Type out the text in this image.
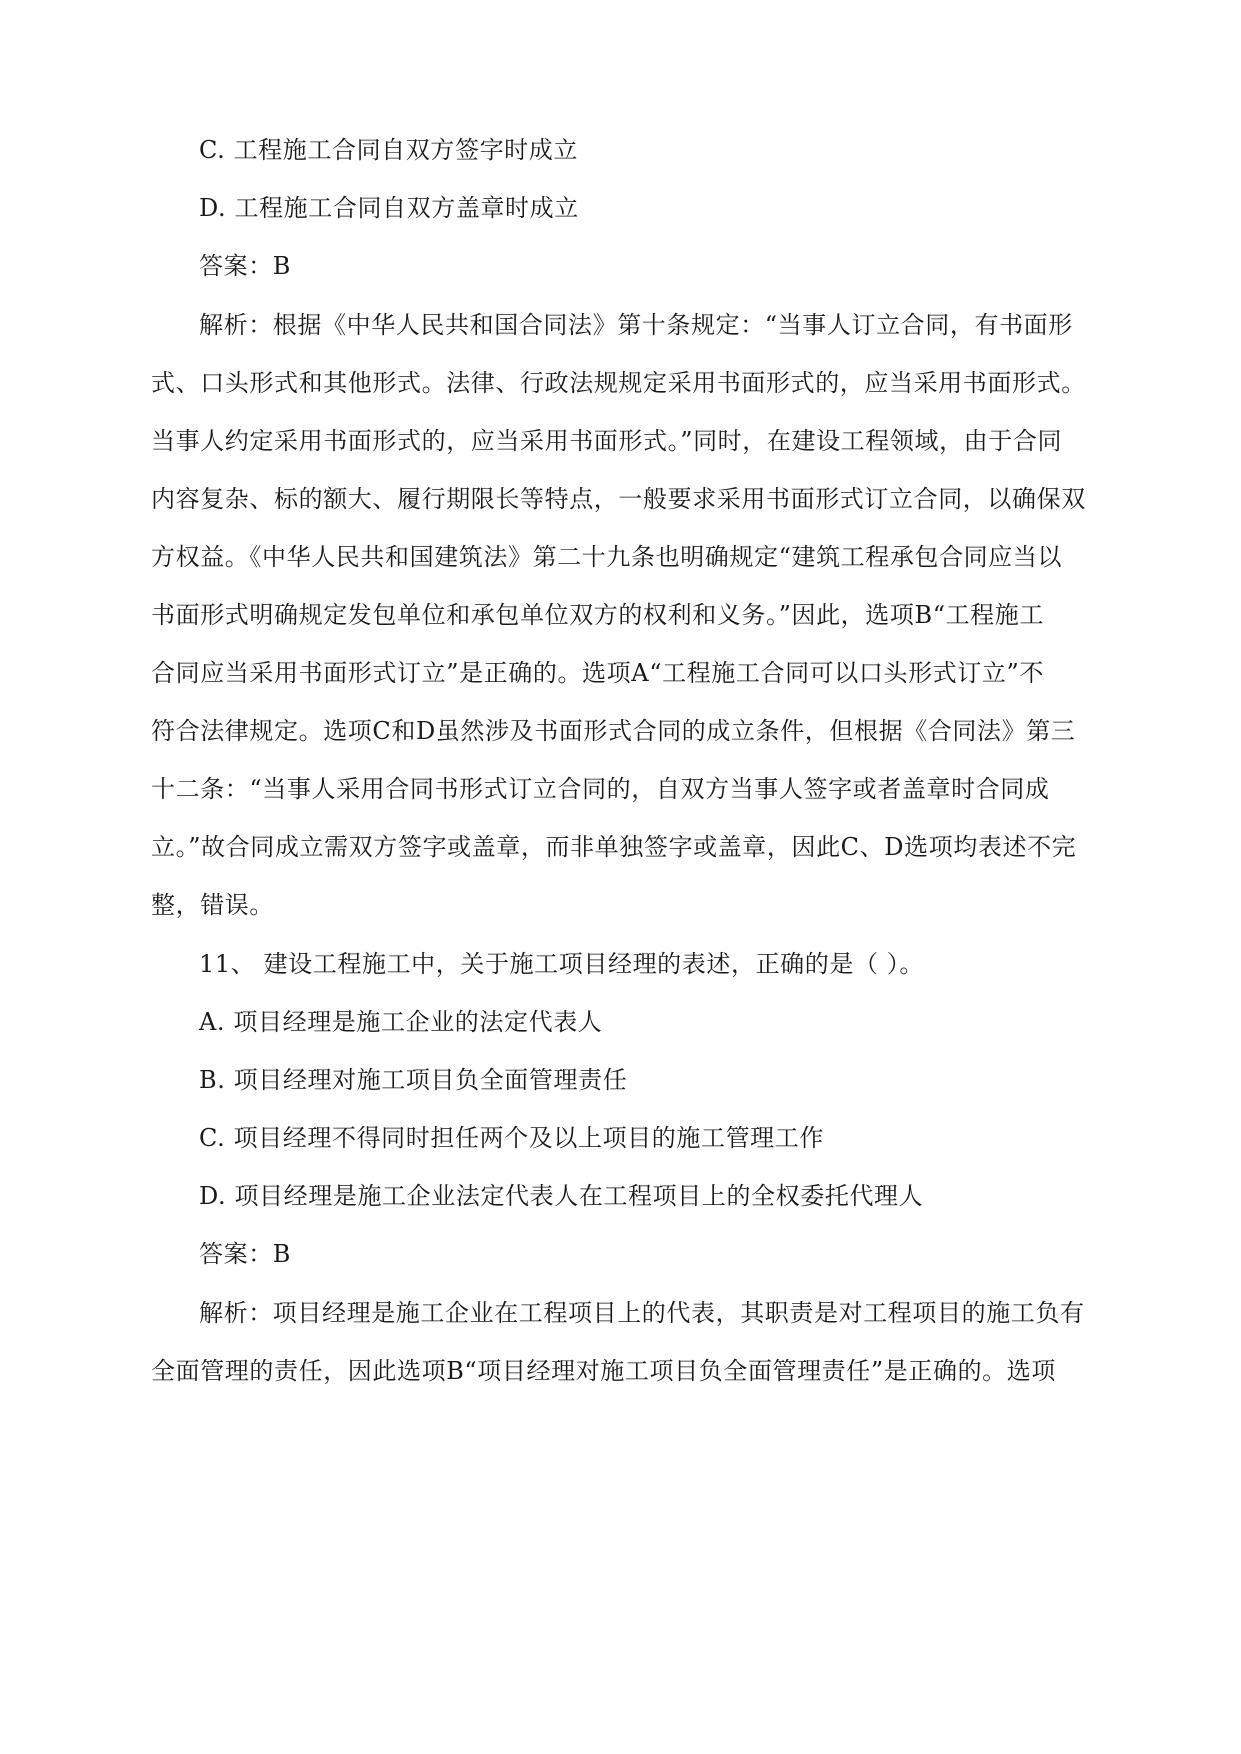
C. 工程施工合同自双方签字时成立
D. 工程施工合同自双方盖章时成立
答案：B
解析：根据《中华人民共和国合同法》第十条规定：“当事人订立合同，有书面形
式、口头形式和其他形式。法律、行政法规规定采用书面形式的，应当采用书面形式。
当事人约定采用书面形式的，应当采用书面形式。”同时，在建设工程领域，由于合同
内容复杂、标的额大、履行期限长等特点，一般要求采用书面形式订立合同，以确保双
方权益。《中华人民共和国建筑法》第二十九条也明确规定“建筑工程承包合同应当以
书面形式明确规定发包单位和承包单位双方的权利和义务。”因此，选项B“工程施工
合同应当采用书面形式订立”是正确的。选项A“工程施工合同可以口头形式订立”不
符合法律规定。选项C和D虽然涉及书面形式合同的成立条件，但根据《合同法》第三
十二条：“当事人采用合同书形式订立合同的，自双方当事人签字或者盖章时合同成
立。”故合同成立需双方签字或盖章，而非单独签字或盖章，因此C、D选项均表述不完
整，错误。
11、 建设工程施工中，关于施工项目经理的表述，正确的是（ ）。
A. 项目经理是施工企业的法定代表人
B. 项目经理对施工项目负全面管理责任
C. 项目经理不得同时担任两个及以上项目的施工管理工作
D. 项目经理是施工企业法定代表人在工程项目上的全权委托代理人
答案：B
解析：项目经理是施工企业在工程项目上的代表，其职责是对工程项目的施工负有
全面管理的责任，因此选项B“项目经理对施工项目负全面管理责任”是正确的。选项
